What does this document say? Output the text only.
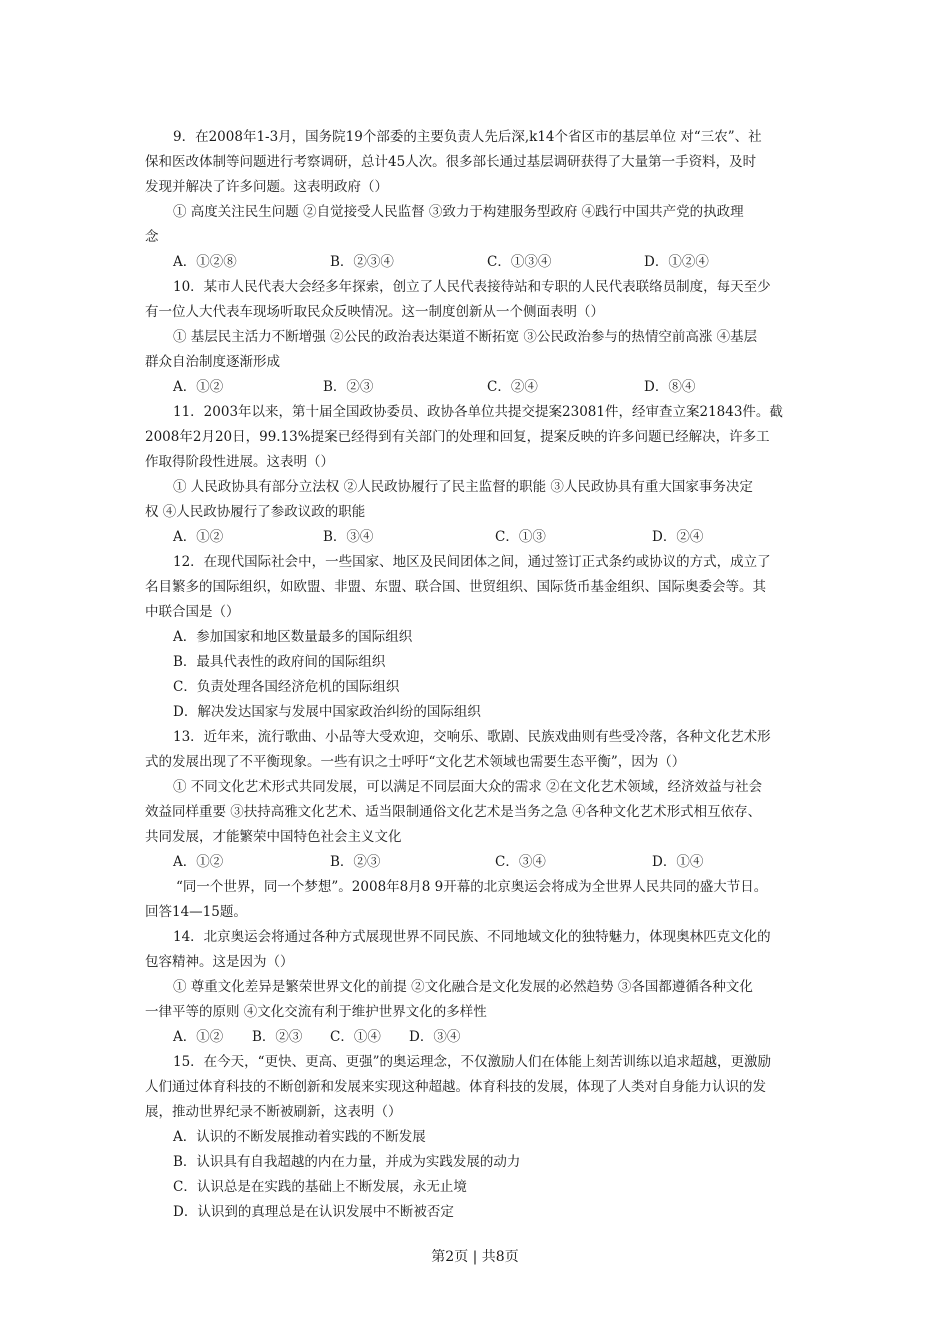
9．在2008年1-3月，国务院19个部委的主要负责人先后深,k14个省区市的基层单位 对“三农”、社
保和医改体制等问题进行考察调研，总计45人次。很多部长通过基层调研获得了大量第一手资料，及时
发现并解决了许多问题。这表明政府（）
① 高度关注民生问题 ②自觉接受人民监督 ③致力于构建服务型政府 ④践行中国共产党的执政理
念
A．①②⑧	B．②③④	C．①③④	D．①②④
10．某市人民代表大会经多年探索，创立了人民代表接待站和专职的人民代表联络员制度，每天至少
有一位人大代表车现场听取民众反映情况。这一制度创新从一个侧面表明（）
① 基层民主活力不断增强 ②公民的政治表达渠道不断拓宽 ③公民政治参与的热情空前高涨 ④基层
群众自治制度逐渐形成
A．①②	B．②③	C．②④	D．⑧④
11．2003年以来，第十届全国政协委员、政协各单位共提交提案23081件，经审查立案21843件。截
2008年2月20日，99.13%提案已经得到有关部门的处理和回复，提案反映的许多问题已经解决，许多工
作取得阶段性进展。这表明（）
① 人民政协具有部分立法权 ②人民政协履行了民主监督的职能 ③人民政协具有重大国家事务决定
权 ④人民政协履行了参政议政的职能
A．①②	B．③④	C．①③	D．②④
12．在现代国际社会中，一些国家、地区及民间团体之间，通过签订正式条约或协议的方式，成立了
名目繁多的国际组织，如欧盟、非盟、东盟、联合国、世贸组织、国际货币基金组织、国际奥委会等。其
中联合国是（）
A．参加国家和地区数量最多的国际组织
B．最具代表性的政府间的国际组织
C．负责处理各国经济危机的国际组织
D．解决发达国家与发展中国家政治纠纷的国际组织
13．近年来，流行歌曲、小品等大受欢迎，交响乐、歌剧、民族戏曲则有些受冷落，各种文化艺术形
式的发展出现了不平衡现象。一些有识之士呼吁“文化艺术领域也需要生态平衡”，因为（）
① 不同文化艺术形式共同发展，可以满足不同层面大众的需求 ②在文化艺术领域，经济效益与社会
效益同样重要 ③扶持高雅文化艺术、适当限制通俗文化艺术是当务之急 ④各种文化艺术形式相互依存、
共同发展，才能繁荣中国特色社会主义文化
A．①②	B．②③	C．③④	D．①④
“同一个世界，同一个梦想”。2008年8月8 9开幕的北京奥运会将成为全世界人民共同的盛大节日。
回答14—15题。
14．北京奥运会将通过各种方式展现世界不同民族、不同地域文化的独特魅力，体现奥林匹克文化的
包容精神。这是因为（）
① 尊重文化差异是繁荣世界文化的前提 ②文化融合是文化发展的必然趋势 ③各国都遵循各种文化
一律平等的原则 ④文化交流有利于维护世界文化的多样性
A．①② B．②③ C．①④ D．③④
15．在今天，“更快、更高、更强”的奥运理念，不仅激励人们在体能上刻苦训练以追求超越，更激励
人们通过体育科技的不断创新和发展来实现这种超越。体育科技的发展，体现了人类对自身能力认识的发
展，推动世界纪录不断被刷新，这表明（）
A．认识的不断发展推动着实践的不断发展
B．认识具有自我超越的内在力量，并成为实践发展的动力
C．认识总是在实践的基础上不断发展，永无止境
D．认识到的真理总是在认识发展中不断被否定
第2页 | 共8页
